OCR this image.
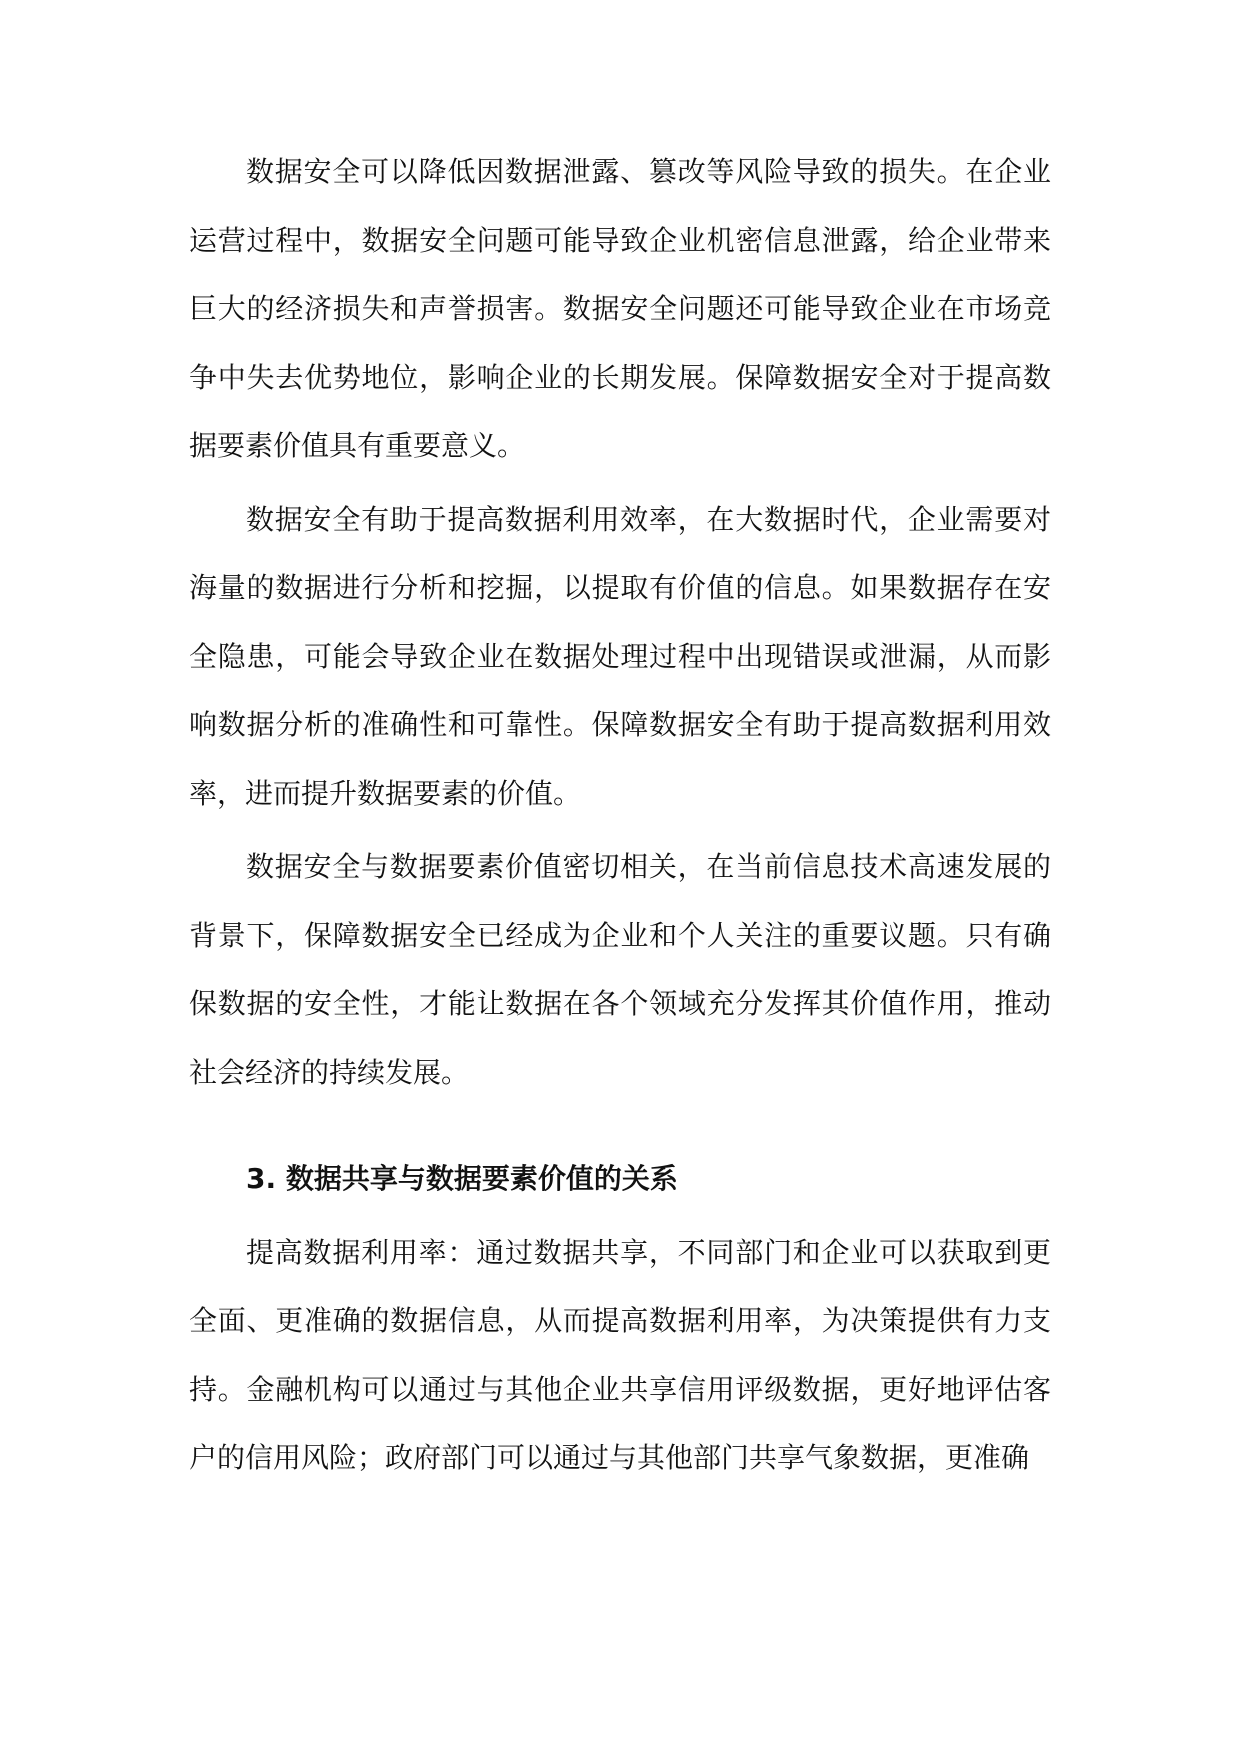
数据安全可以降低因数据泄露、篡改等风险导致的损失。在企业运营过程中，数据安全问题可能导致企业机密信息泄露，给企业带来巨大的经济损失和声誉损害。数据安全问题还可能导致企业在市场竞争中失去优势地位，影响企业的长期发展。保障数据安全对于提高数据要素价值具有重要意义。

数据安全有助于提高数据利用效率，在大数据时代，企业需要对海量的数据进行分析和挖掘，以提取有价值的信息。如果数据存在安全隐患，可能会导致企业在数据处理过程中出现错误或泄漏，从而影响数据分析的准确性和可靠性。保障数据安全有助于提高数据利用效率，进而提升数据要素的价值。

数据安全与数据要素价值密切相关，在当前信息技术高速发展的背景下，保障数据安全已经成为企业和个人关注的重要议题。只有确保数据的安全性，才能让数据在各个领域充分发挥其价值作用，推动社会经济的持续发展。

3. 数据共享与数据要素价值的关系

提高数据利用率：通过数据共享，不同部门和企业可以获取到更全面、更准确的数据信息，从而提高数据利用率，为决策提供有力支持。金融机构可以通过与其他企业共享信用评级数据，更好地评估客户的信用风险；政府部门可以通过与其他部门共享气象数据，更准确
